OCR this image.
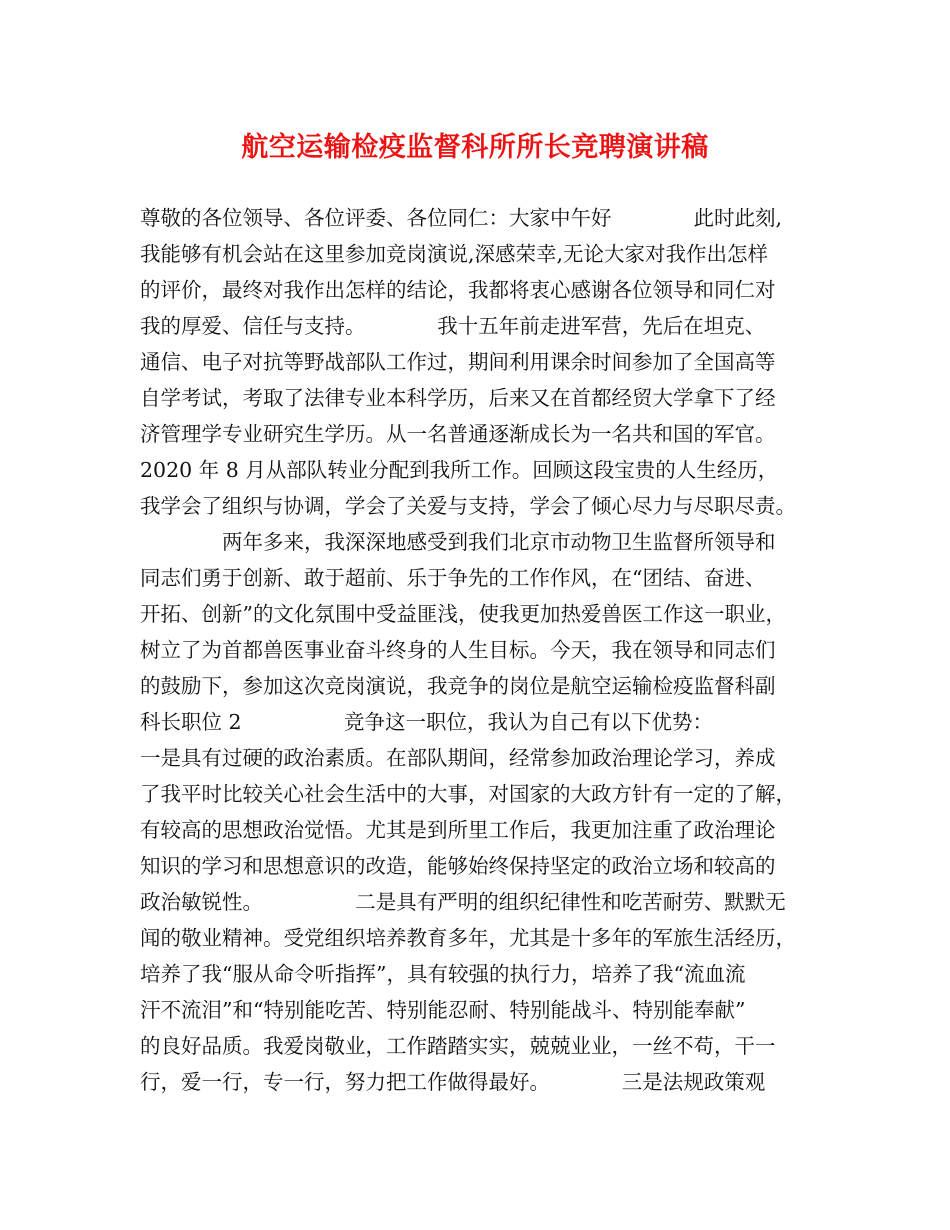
航空运输检疫监督科所所长竞聘演讲稿
尊敬的各位领导、各位评委、各位同仁：大家中午好　　　　此时此刻,
我能够有机会站在这里参加竞岗演说,深感荣幸,无论大家对我作出怎样
的评价，最终对我作出怎样的结论，我都将衷心感谢各位领导和同仁对
我的厚爱、信任与支持。　　　　我十五年前走进军营，先后在坦克、
通信、电子对抗等野战部队工作过，期间利用课余时间参加了全国高等
自学考试，考取了法律专业本科学历，后来又在首都经贸大学拿下了经
济管理学专业研究生学历。从一名普通逐渐成长为一名共和国的军官。
2020 年 8 月从部队转业分配到我所工作。回顾这段宝贵的人生经历，
我学会了组织与协调，学会了关爱与支持，学会了倾心尽力与尽职尽责。
　　　　两年多来，我深深地感受到我们北京市动物卫生监督所领导和
同志们勇于创新、敢于超前、乐于争先的工作作风，在“团结、奋进、
开拓、创新”的文化氛围中受益匪浅，使我更加热爱兽医工作这一职业，
树立了为首都兽医事业奋斗终身的人生目标。今天，我在领导和同志们
的鼓励下，参加这次竞岗演说，我竞争的岗位是航空运输检疫监督科副
科长职位 2　　　　　竞争这一职位，我认为自己有以下优势：
一是具有过硬的政治素质。在部队期间，经常参加政治理论学习，养成
了我平时比较关心社会生活中的大事，对国家的大政方针有一定的了解，
有较高的思想政治觉悟。尤其是到所里工作后，我更加注重了政治理论
知识的学习和思想意识的改造，能够始终保持坚定的政治立场和较高的
政治敏锐性。　　　　　二是具有严明的组织纪律性和吃苦耐劳、默默无
闻的敬业精神。受党组织培养教育多年，尤其是十多年的军旅生活经历，
培养了我“服从命令听指挥”，具有较强的执行力，培养了我“流血流
汗不流泪”和“特别能吃苦、特别能忍耐、特别能战斗、特别能奉献”
的良好品质。我爱岗敬业，工作踏踏实实，兢兢业业，一丝不苟，干一
行，爱一行，专一行，努力把工作做得最好。　　　　三是法规政策观
